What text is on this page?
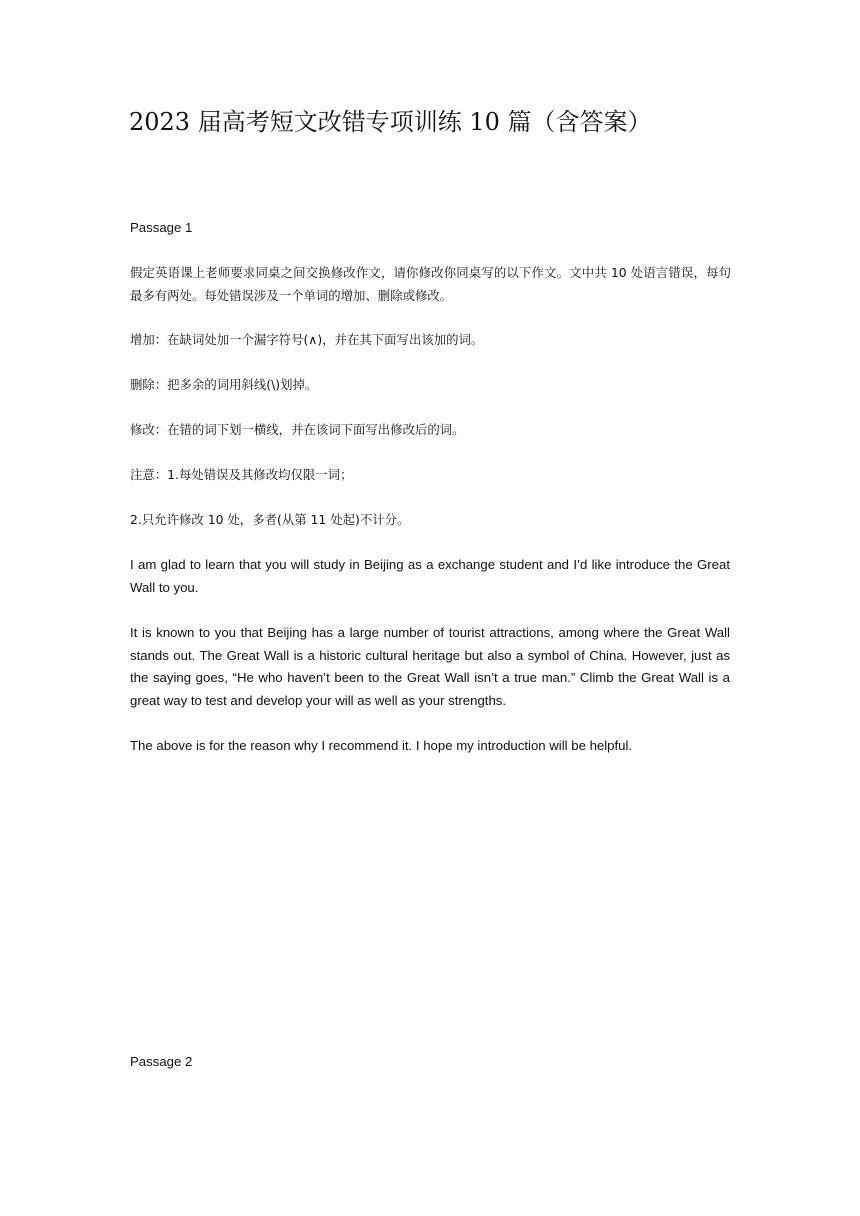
2023 届高考短文改错专项训练 10 篇（含答案）

Passage 1

假定英语课上老师要求同桌之间交换修改作文，请你修改你同桌写的以下作文。文中共 10 处语言错误，每句最多有两处。每处错误涉及一个单词的增加、删除或修改。

增加：在缺词处加一个漏字符号(∧)，并在其下面写出该加的词。

删除：把多余的词用斜线(\)划掉。

修改：在错的词下划一横线，并在该词下面写出修改后的词。

注意：1.每处错误及其修改均仅限一词；

2.只允许修改 10 处，多者(从第 11 处起)不计分。

I am glad to learn that you will study in Beijing as a exchange student and I’d like introduce the Great Wall to you.

It is known to you that Beijing has a large number of tourist attractions, among where the Great Wall stands out. The Great Wall is a historic cultural heritage but also a symbol of China. However, just as the saying goes, “He who haven’t been to the Great Wall isn’t a true man.” Climb the Great Wall is a great way to test and develop your will as well as your strengths.

The above is for the reason why I recommend it. I hope my introduction will be helpful.

Passage 2
